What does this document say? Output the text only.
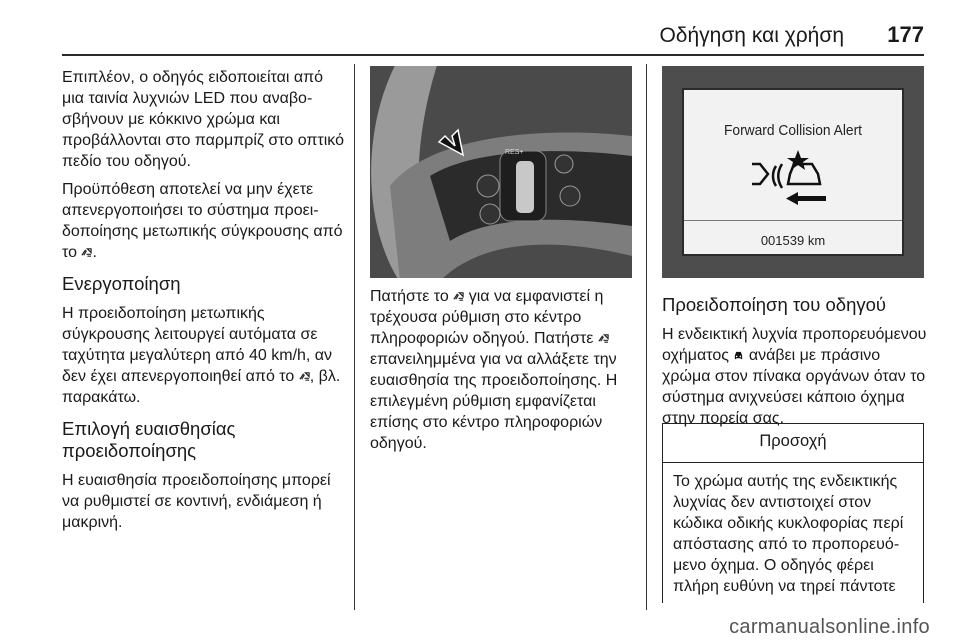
Οδήγηση και χρήση 177

Επιπλέον, ο οδηγός ειδοποιείται από μια ταινία λυχνιών LED που αναβοσβήνουν με κόκκινο χρώμα και προβάλλονται στο παρμπρίζ στο οπτικό πεδίο του οδηγού.

Προϋπόθεση αποτελεί να μην έχετε απενεργοποιήσει το σύστημα προειδοποίησης μετωπικής σύγκρουσης από το .

Ενεργοποίηση

Η προειδοποίηση μετωπικής σύγκρουσης λειτουργεί αυτόματα σε ταχύτητα μεγαλύτερη από 40 km/h, αν δεν έχει απενεργοποιηθεί από το , βλ. παρακάτω.

Επιλογή ευαισθησίας προειδοποίησης

Η ευαισθησία προειδοποίησης μπορεί να ρυθμιστεί σε κοντινή, ενδιάμεση ή μακρινή.

RES+

Πατήστε το για να εμφανιστεί η τρέχουσα ρύθμιση στο κέντρο πληροφοριών οδηγού. Πατήστε  επανειλημμένα για να αλλάξετε την ευαισθησία της προειδοποίησης. Η επιλεγμένη ρύθμιση εμφανίζεται επίσης στο κέντρο πληροφοριών οδηγού.

Forward Collision Alert
001539 km
Προειδοποίηση του οδηγού

Η ενδεικτική λυχνία προπορευόμενου οχήματος ανάβει με πράσινο χρώμα στον πίνακα οργάνων όταν το σύστημα ανιχνεύσει κάποιο όχημα στην πορεία σας.

Προσοχή
Το χρώμα αυτής της ενδεικτικής λυχνίας δεν αντιστοιχεί στον κώδικα οδικής κυκλοφορίας περί απόστασης από το προπορευόμενο όχημα. Ο οδηγός φέρει πλήρη ευθύνη να τηρεί πάντοτε
carmanualsonline.info
